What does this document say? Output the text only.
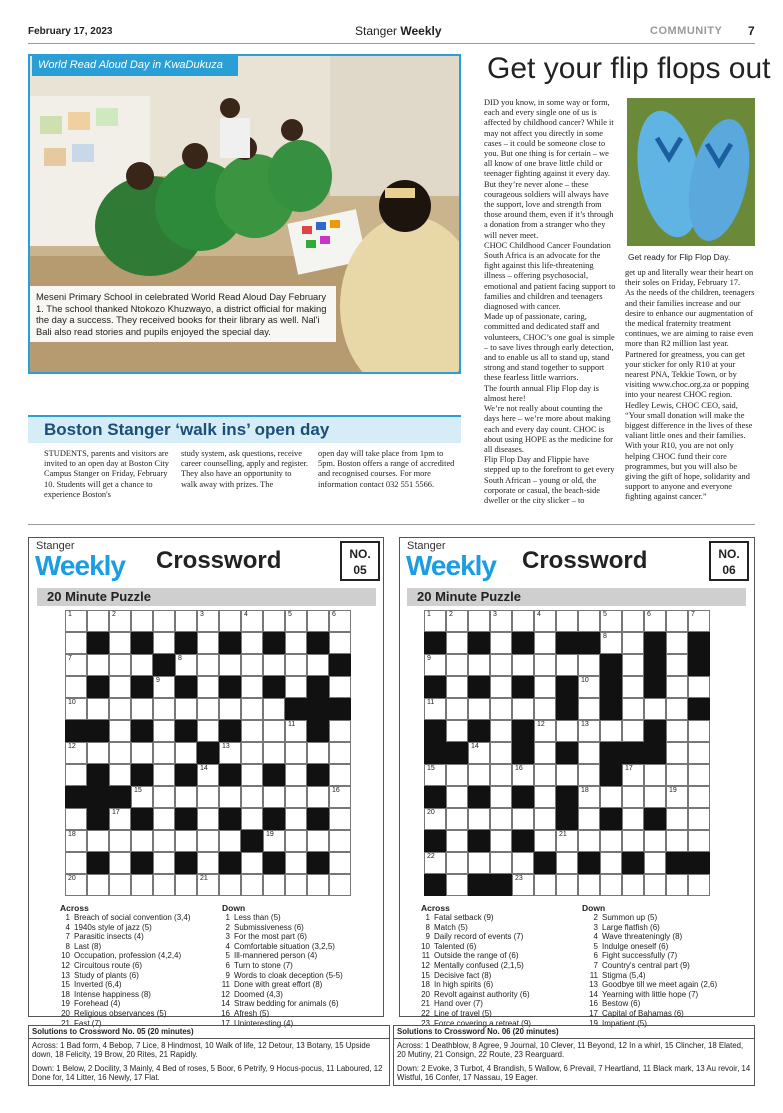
February 17, 2023	Stanger Weekly	COMMUNITY 7
World Read Aloud Day in KwaDukuza
Meseni Primary School in celebrated World Read Aloud Day February 1. The school thanked Ntokozo Khuzwayo, a district official for making the day a success. They received books for their library as well. Nal'i Bali also read stories and pupils enjoyed the special day.
Boston Stanger ‘walk ins’ open day
STUDENTS, parents and visitors are invited to an open day at Boston City Campus Stanger on Friday, February 10. Students will get a chance to experience Boston's
study system, ask questions, receive career counselling, apply and register.
They also have an opportunity to walk away with prizes. The
open day will take place from 1pm to 5pm. Boston offers a range of accredited and recognised courses. For more information contact 032 551 5566.
Get your flip flops out
DID you know, in some way or form, each and every single one of us is affected by childhood cancer? While it may not affect you directly in some cases – it could be someone close to you. But one thing is for certain – we all know of one brave little child or teenager fighting against it every day.
But they’re never alone – these courageous soldiers will always have the support, love and strength from those around them, even if it’s through a donation from a stranger who they will never meet.
CHOC Childhood Cancer Foundation South Africa is an advocate for the fight against this life-threatening illness – offering psychosocial, emotional and patient facing support to families and children and teenagers diagnosed with cancer.
Made up of passionate, caring, committed and dedicated staff and volunteers, CHOC’s one goal is simple – to save lives through early detection, and to enable us all to stand up, stand strong and stand together to support these fearless little warriors.
The fourth annual Flip Flop day is almost here!
We’re not really about counting the days here – we’re more about making each and every day count. CHOC is about using HOPE as the medicine for all diseases.
Flip Flop Day and Flippie have stepped up to the forefront to get every South African – young or old, the corporate or casual, the beach-side dweller or the city slicker – to
Get ready for Flip Flop Day.
get up and literally wear their heart on their soles on Friday, February 17.
As the needs of the children, teenagers and their families increase and our desire to enhance our augmentation of the medical fraternity treatment continues, we are aiming to raise even more than R2 million last year.
Partnered for greatness, you can get your sticker for only R10 at your nearest PNA, Tekkie Town, or by visiting www.choc.org.za or popping into your nearest CHOC region.
Hedley Lewis, CHOC CEO, said, “Your small donation will make the biggest difference in the lives of these valiant little ones and their families. With your R10, you are not only helping CHOC fund their core programmes, but you will also be giving the gift of hope, solidarity and support to anyone and everyone fighting against cancer.”
Stanger
Weekly Crossword	NO.
05
20 Minute Puzzle
Stanger
Weekly Crossword	NO.
06
20 Minute Puzzle
1	2	3	4	5	6
7	8
9
10
11
12	13
14
15	16
17
18	19
20	21
1	2	3	4	5	6	7
8
9
10
11
12	13
14
15	16	17
18	19
20
21
22
23
Across
1 Breach of social convention (3,4)
4 1940s style of jazz (5)
7 Parasitic insects (4)
8 Last (8)
10 Occupation, profession (4,2,4)
12 Circuitous route (6)
13 Study of plants (6)
15 Inverted (6,4)
18 Intense happiness (8)
19 Forehead (4)
20 Religious observances (5)
21 Fast (7)
Down
1 Less than (5)
2 Submissiveness (6)
3 For the most part (6)
4 Comfortable situation (3,2,5)
5 Ill-mannered person (4)
6 Turn to stone (7)
9 Words to cloak deception (5-5)
11 Done with great effort (8)
12 Doomed (4,3)
14 Straw bedding for animals (6)
16 Afresh (5)
17 Uninteresting (4)
Across
1 Fatal setback (9)
8 Match (5)
9 Daily record of events (7)
10 Talented (6)
11 Outside the range of (6)
12 Mentally confused (2,1,5)
15 Decisive fact (8)
18 In high spirits (6)
20 Revolt against authority (6)
21 Hand over (7)
22 Line of travel (5)
23 Force covering a retreat (9)
Down
2 Summon up (5)
3 Large flatfish (6)
4 Wave threateningly (8)
5 Indulge oneself (6)
6 Fight successfully (7)
7 Country's central part (9)
11 Stigma (5,4)
13 Goodbye till we meet again (2,6)
14 Yearning with little hope (7)
16 Bestow (6)
17 Capital of Bahamas (6)
19 Impatient (5)
Solutions to Crossword No. 05 (20 minutes)
Across: 1 Bad form, 4 Bebop, 7 Lice, 8 Hindmost, 10 Walk of life, 12 Detour, 13 Botany, 15 Upside down, 18 Felicity, 19 Brow, 20 Rites, 21 Rapidly.
Down: 1 Below, 2 Docility, 3 Mainly, 4 Bed of roses, 5 Boor, 6 Petrify, 9 Hocus-pocus, 11 Laboured, 12 Done for, 14 Litter, 16 Newly, 17 Flat.
Solutions to Crossword No. 06 (20 minutes)
Across: 1 Deathblow, 8 Agree, 9 Journal, 10 Clever, 11 Beyond, 12 In a whirl, 15 Clincher, 18 Elated, 20 Mutiny, 21 Consign, 22 Route, 23 Rearguard.
Down: 2 Evoke, 3 Turbot, 4 Brandish, 5 Wallow, 6 Prevail, 7 Heartland, 11 Black mark, 13 Au revoir, 14 Wistful, 16 Confer, 17 Nassau, 19 Eager.
